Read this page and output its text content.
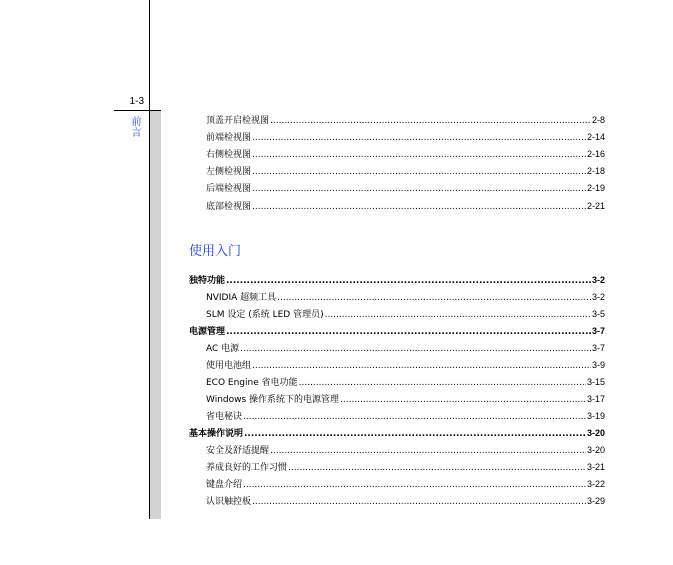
1-3
前言	顶盖开启检视图 .....	2-8
前端检视图 .....	2-14
右侧检视图 .....	2-16
左侧检视图 .....	2-18
后端检视图 .....	2-19
底部检视图 .....	2-21
使用入门
独特功能 .....	3-2
NVIDIA 超频工具 .....	3-2
SLM 设定 (系统 LED 管理员) .....	3-5
电源管理 .....	3-7
AC 电源 .....	3-7
使用电池组 .....	3-9
ECO Engine 省电功能 .....	3-15
Windows 操作系统下的电源管理 .....	3-17
省电秘诀 .....	3-19
基本操作说明 .....	3-20
安全及舒适提醒 .....	3-20
养成良好的工作习惯 .....	3-21
键盘介绍 .....	3-22
认识触控板 .....	3-29
